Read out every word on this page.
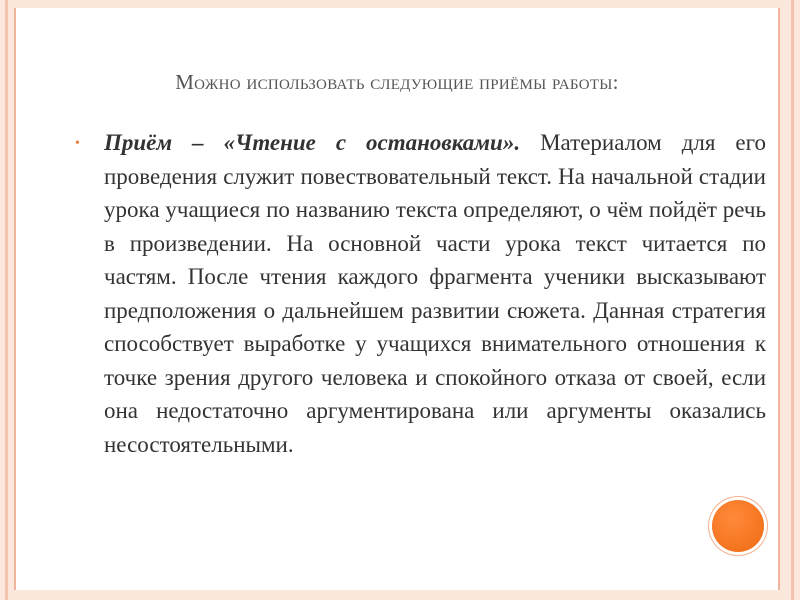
Можно использовать следующие приёмы работы:
•	Приём – «Чтение с остановками». Материалом для его проведения служит повествовательный текст. На начальной стадии урока учащиеся по названию текста определяют, о чём пойдёт речь в произведении. На основной части урока текст читается по частям. После чтения каждого фрагмента ученики высказывают предположения о дальнейшем развитии сюжета. Данная стратегия способствует выработке у учащихся внимательного отношения к точке зрения другого человека и спокойного отказа от своей, если она недостаточно аргументирована или аргументы оказались несостоятельными.
